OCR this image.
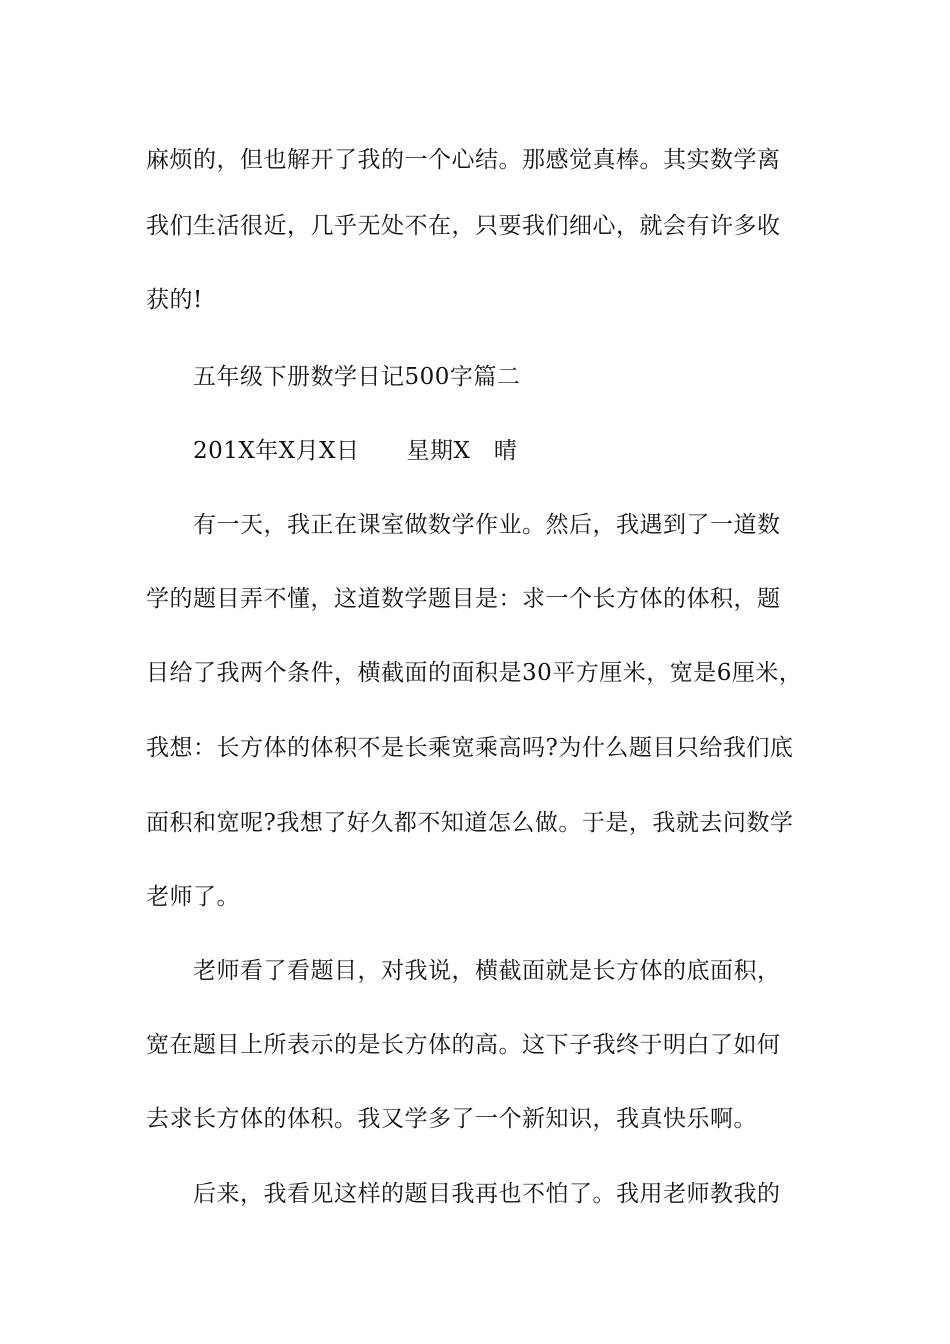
麻烦的，但也解开了我的一个心结。那感觉真棒。其实数学离
我们生活很近，几乎无处不在，只要我们细心，就会有许多收
获的!
五年级下册数学日记500字篇二
201X年X月X日　　星期X　晴
有一天，我正在课室做数学作业。然后，我遇到了一道数
学的题目弄不懂，这道数学题目是：求一个长方体的体积，题
目给了我两个条件，横截面的面积是30平方厘米，宽是6厘米，
我想：长方体的体积不是长乘宽乘高吗?为什么题目只给我们底
面积和宽呢?我想了好久都不知道怎么做。于是，我就去问数学
老师了。
老师看了看题目，对我说，横截面就是长方体的底面积，
宽在题目上所表示的是长方体的高。这下子我终于明白了如何
去求长方体的体积。我又学多了一个新知识，我真快乐啊。
后来，我看见这样的题目我再也不怕了。我用老师教我的
